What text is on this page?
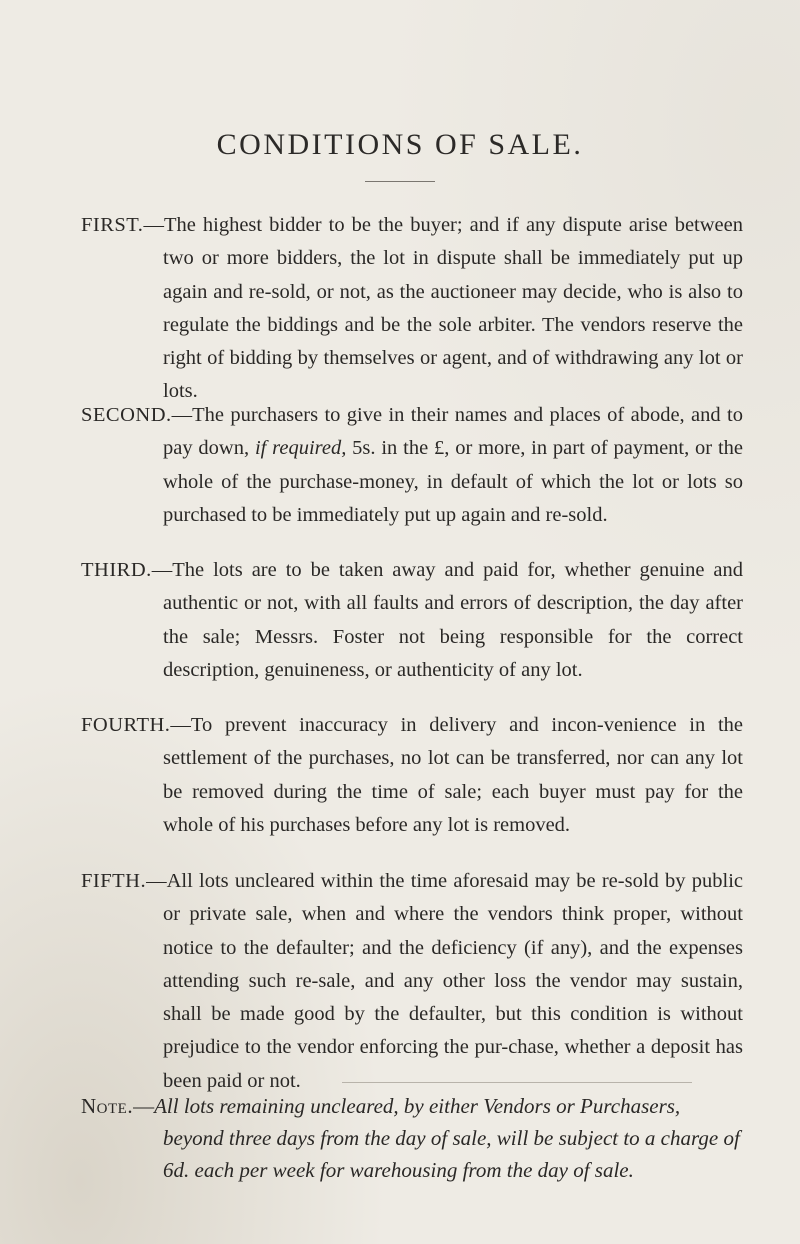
CONDITIONS OF SALE.
FIRST.—The highest bidder to be the buyer; and if any dispute arise between two or more bidders, the lot in dispute shall be immediately put up again and re-sold, or not, as the auctioneer may decide, who is also to regulate the biddings and be the sole arbiter. The vendors reserve the right of bidding by themselves or agent, and of withdrawing any lot or lots.
SECOND.—The purchasers to give in their names and places of abode, and to pay down, if required, 5s. in the £, or more, in part of payment, or the whole of the purchase-money, in default of which the lot or lots so purchased to be immediately put up again and re-sold.
THIRD.—The lots are to be taken away and paid for, whether genuine and authentic or not, with all faults and errors of description, the day after the sale; Messrs. Foster not being responsible for the correct description, genuineness, or authenticity of any lot.
FOURTH.—To prevent inaccuracy in delivery and incon-venience in the settlement of the purchases, no lot can be transferred, nor can any lot be removed during the time of sale; each buyer must pay for the whole of his purchases before any lot is removed.
FIFTH.—All lots uncleared within the time aforesaid may be re-sold by public or private sale, when and where the vendors think proper, without notice to the defaulter; and the deficiency (if any), and the expenses attending such re-sale, and any other loss the vendor may sustain, shall be made good by the defaulter, but this condition is without prejudice to the vendor enforcing the pur-chase, whether a deposit has been paid or not.
Note.—All lots remaining uncleared, by either Vendors or Purchasers, beyond three days from the day of sale, will be subject to a charge of 6d. each per week for warehousing from the day of sale.
